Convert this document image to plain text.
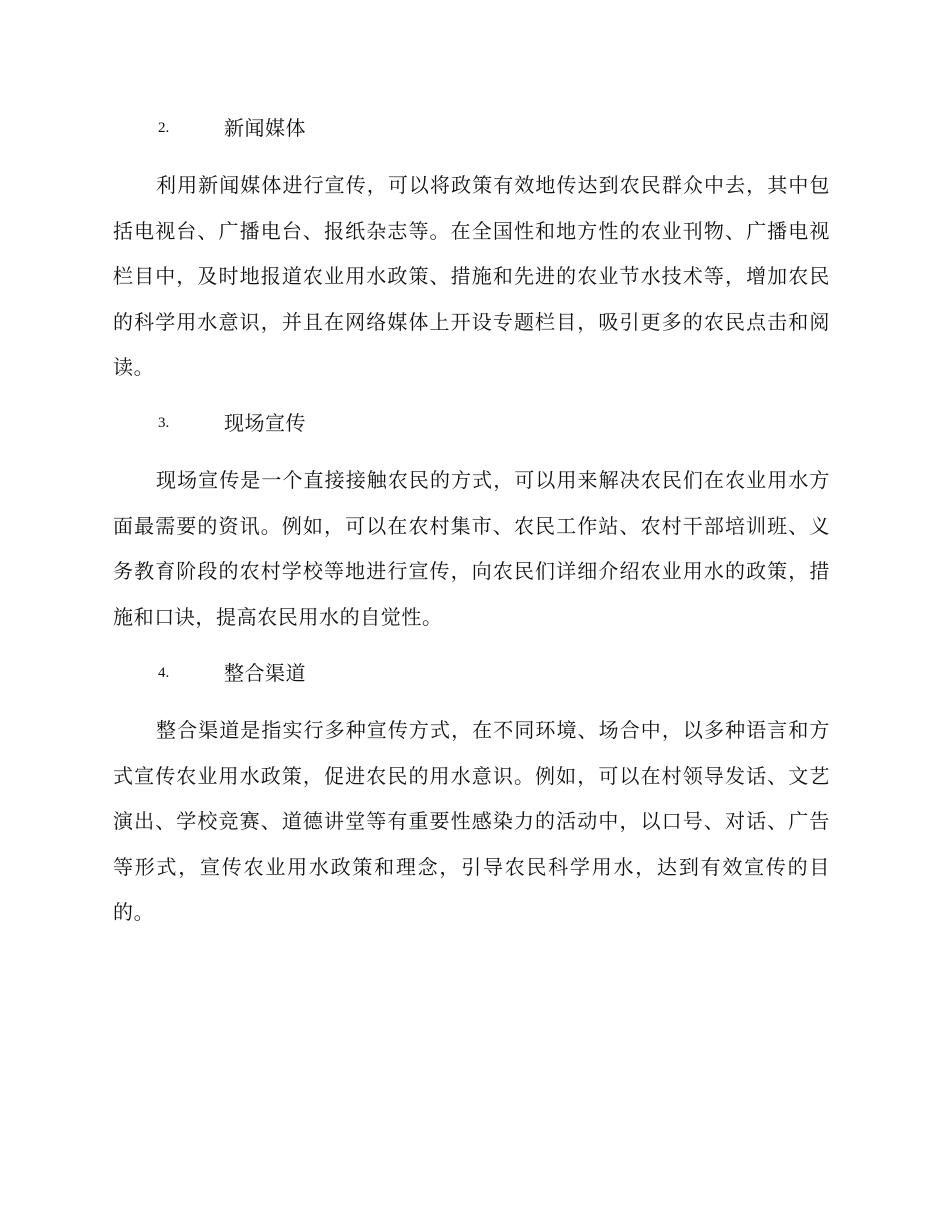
2.	新闻媒体

利用新闻媒体进行宣传，可以将政策有效地传达到农民群众中去，其中包括电视台、广播电台、报纸杂志等。在全国性和地方性的农业刊物、广播电视栏目中，及时地报道农业用水政策、措施和先进的农业节水技术等，增加农民的科学用水意识，并且在网络媒体上开设专题栏目，吸引更多的农民点击和阅读。

3.	现场宣传

现场宣传是一个直接接触农民的方式，可以用来解决农民们在农业用水方面最需要的资讯。例如，可以在农村集市、农民工作站、农村干部培训班、义务教育阶段的农村学校等地进行宣传，向农民们详细介绍农业用水的政策，措施和口诀，提高农民用水的自觉性。

4.	整合渠道

整合渠道是指实行多种宣传方式，在不同环境、场合中，以多种语言和方式宣传农业用水政策，促进农民的用水意识。例如，可以在村领导发话、文艺演出、学校竞赛、道德讲堂等有重要性感染力的活动中，以口号、对话、广告等形式，宣传农业用水政策和理念，引导农民科学用水，达到有效宣传的目的。
